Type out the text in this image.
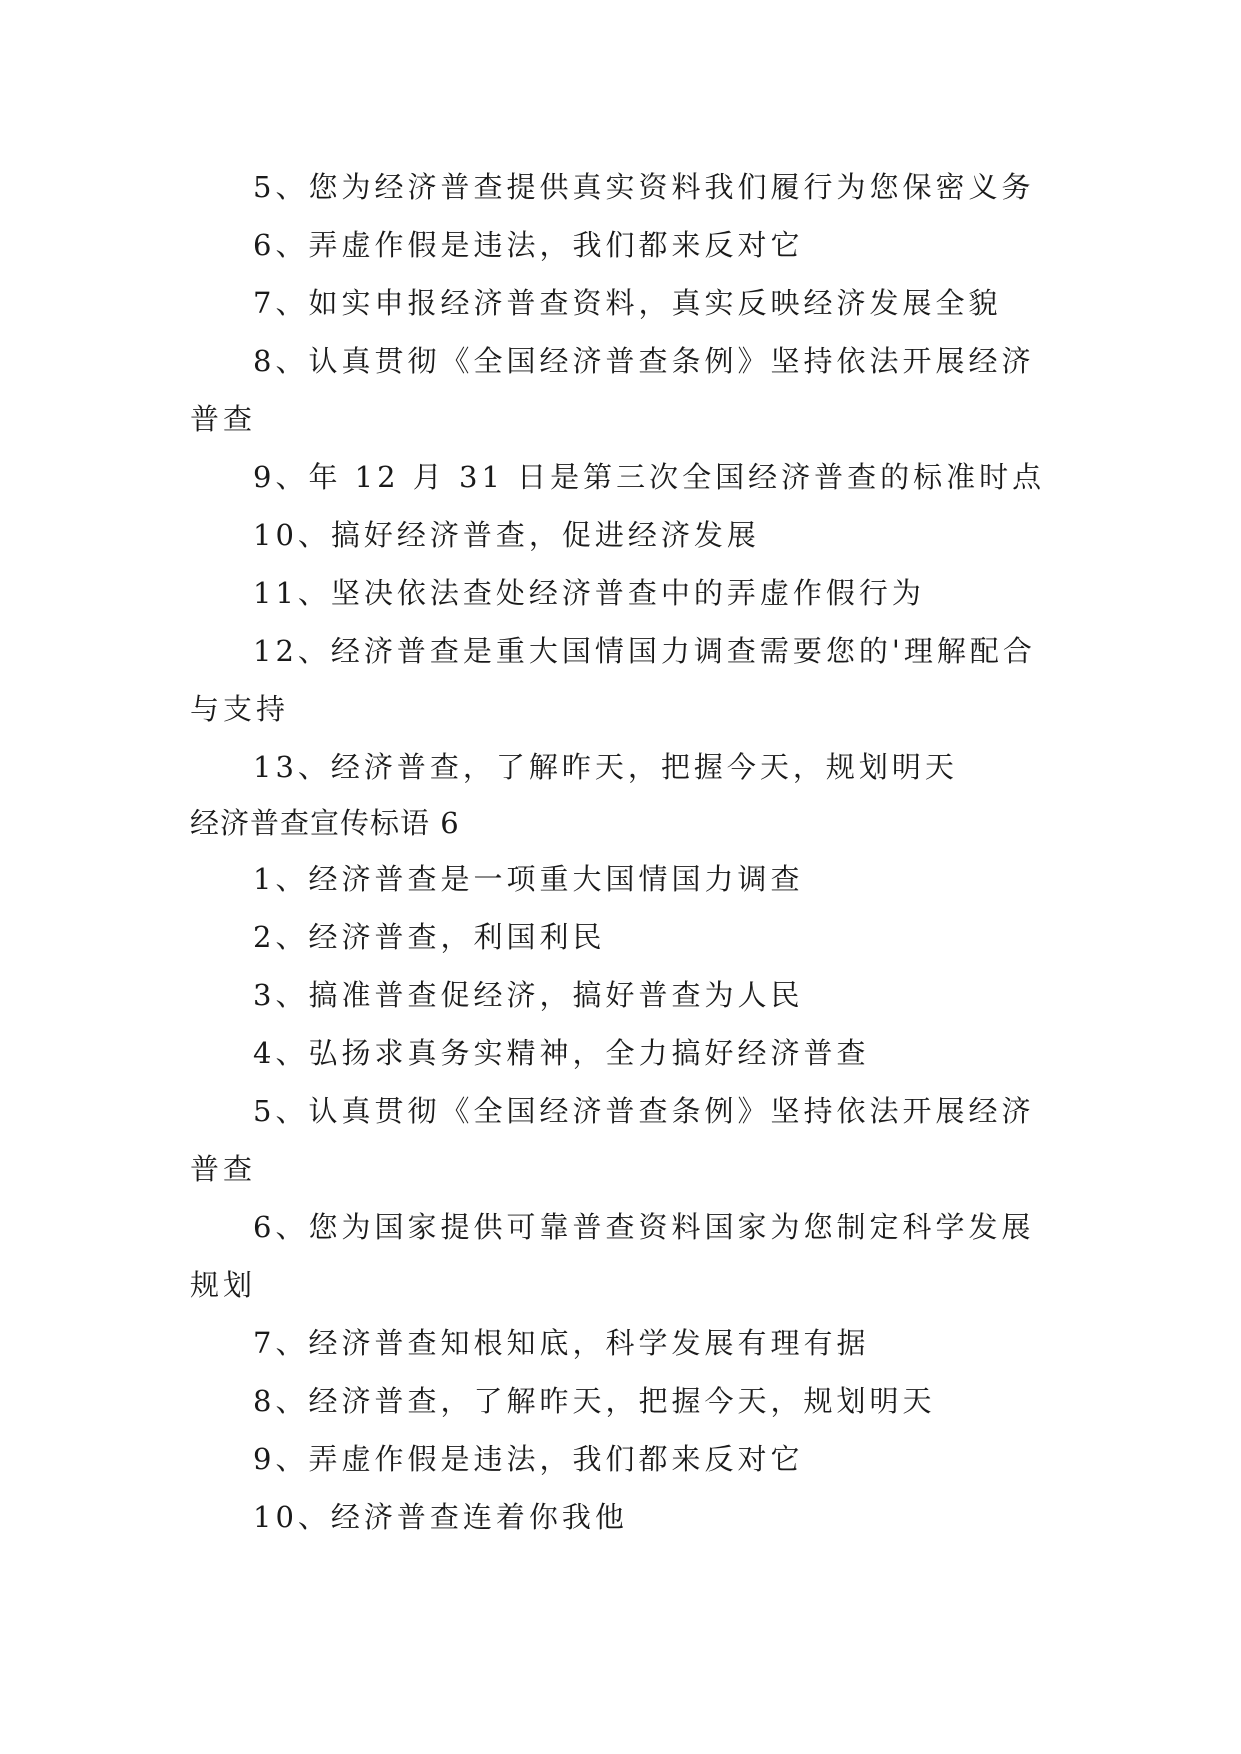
5、您为经济普查提供真实资料我们履行为您保密义务
6、弄虚作假是违法，我们都来反对它
7、如实申报经济普查资料，真实反映经济发展全貌
8、认真贯彻《全国经济普查条例》坚持依法开展经济
普查
9、年 12 月 31 日是第三次全国经济普查的标准时点
10、搞好经济普查，促进经济发展
11、坚决依法查处经济普查中的弄虚作假行为
12、经济普查是重大国情国力调查需要您的'理解配合
与支持
13、经济普查，了解昨天，把握今天，规划明天
经济普查宣传标语 6
1、经济普查是一项重大国情国力调查
2、经济普查，利国利民
3、搞准普查促经济，搞好普查为人民
4、弘扬求真务实精神，全力搞好经济普查
5、认真贯彻《全国经济普查条例》坚持依法开展经济
普查
6、您为国家提供可靠普查资料国家为您制定科学发展
规划
7、经济普查知根知底，科学发展有理有据
8、经济普查，了解昨天，把握今天，规划明天
9、弄虚作假是违法，我们都来反对它
10、经济普查连着你我他
